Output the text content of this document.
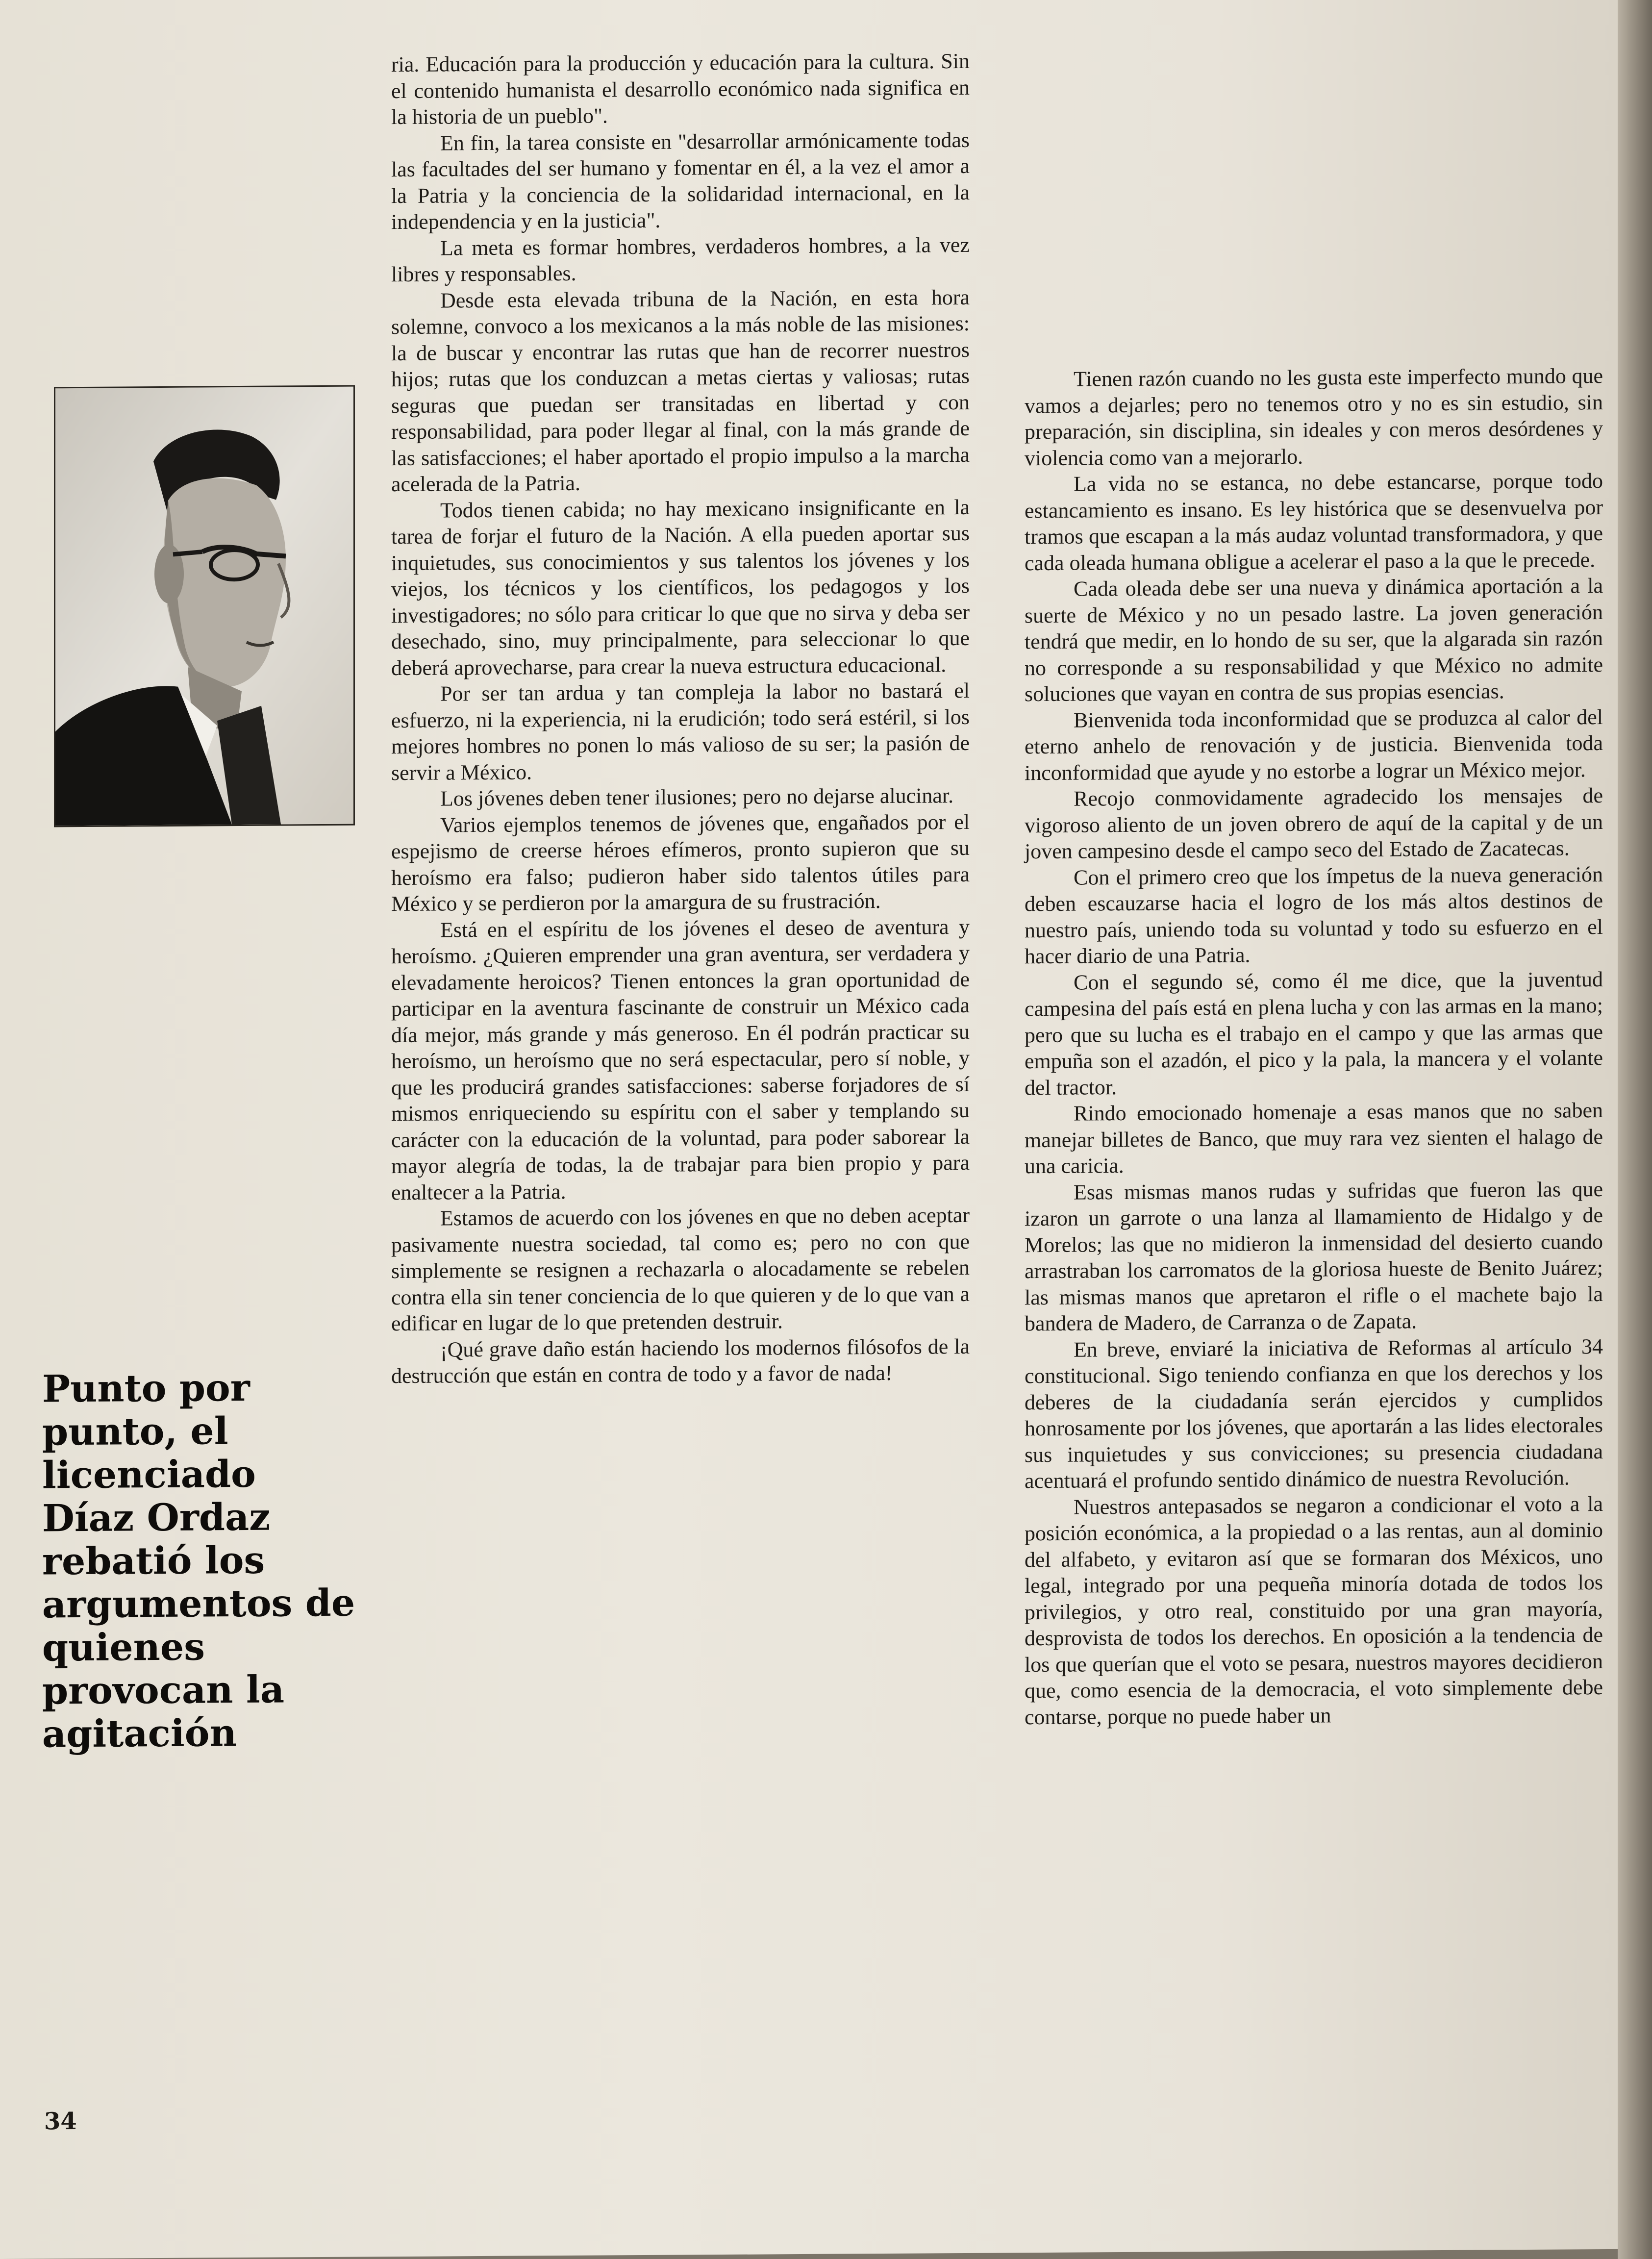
ria. Educación para la producción y educación para la cultura. Sin el contenido humanista el desarrollo económico nada significa en la historia de un pueblo".

En fin, la tarea consiste en "desarrollar armónicamente todas las facultades del ser humano y fomentar en él, a la vez el amor a la Patria y la conciencia de la solidaridad internacional, en la independencia y en la justicia".

La meta es formar hombres, verdaderos hombres, a la vez libres y responsables.

Desde esta elevada tribuna de la Nación, en esta hora solemne, convoco a los mexicanos a la más noble de las misiones: la de buscar y encontrar las rutas que han de recorrer nuestros hijos; rutas que los conduzcan a metas ciertas y valiosas; rutas seguras que puedan ser transitadas en libertad y con responsabilidad, para poder llegar al final, con la más grande de las satisfacciones; el haber aportado el propio impulso a la marcha acelerada de la Patria.

Todos tienen cabida; no hay mexicano insignificante en la tarea de forjar el futuro de la Nación. A ella pueden aportar sus inquietudes, sus conocimientos y sus talentos los jóvenes y los viejos, los técnicos y los científicos, los pedagogos y los investigadores; no sólo para criticar lo que que no sirva y deba ser desechado, sino, muy principalmente, para seleccionar lo que deberá aprovecharse, para crear la nueva estructura educacional.

Por ser tan ardua y tan compleja la labor no bastará el esfuerzo, ni la experiencia, ni la erudición; todo será estéril, si los mejores hombres no ponen lo más valioso de su ser; la pasión de servir a México.

Los jóvenes deben tener ilusiones; pero no dejarse alucinar.

Varios ejemplos tenemos de jóvenes que, engañados por el espejismo de creerse héroes efímeros, pronto supieron que su heroísmo era falso; pudieron haber sido talentos útiles para México y se perdieron por la amargura de su frustración.

Está en el espíritu de los jóvenes el deseo de aventura y heroísmo. ¿Quieren emprender una gran aventura, ser verdadera y elevadamente heroicos? Tienen entonces la gran oportunidad de participar en la aventura fascinante de construir un México cada día mejor, más grande y más generoso. En él podrán practicar su heroísmo, un heroísmo que no será espectacular, pero sí noble, y que les producirá grandes satisfacciones: saberse forjadores de sí mismos enriqueciendo su espíritu con el saber y templando su carácter con la educación de la voluntad, para poder saborear la mayor alegría de todas, la de trabajar para bien propio y para enaltecer a la Patria.

Estamos de acuerdo con los jóvenes en que no deben aceptar pasivamente nuestra sociedad, tal como es; pero no con que simplemente se resignen a rechazarla o alocadamente se rebelen contra ella sin tener conciencia de lo que quieren y de lo que van a edificar en lugar de lo que pretenden destruir.

¡Qué grave daño están haciendo los modernos filósofos de la destrucción que están en contra de todo y a favor de nada!

Tienen razón cuando no les gusta este imperfecto mundo que vamos a dejarles; pero no tenemos otro y no es sin estudio, sin preparación, sin disciplina, sin ideales y con meros desórdenes y violencia como van a mejorarlo.

La vida no se estanca, no debe estancarse, porque todo estancamiento es insano. Es ley histórica que se desenvuelva por tramos que escapan a la más audaz voluntad transformadora, y que cada oleada humana obligue a acelerar el paso a la que le precede.

Cada oleada debe ser una nueva y dinámica aportación a la suerte de México y no un pesado lastre. La joven generación tendrá que medir, en lo hondo de su ser, que la algarada sin razón no corresponde a su responsabilidad y que México no admite soluciones que vayan en contra de sus propias esencias.

Bienvenida toda inconformidad que se produzca al calor del eterno anhelo de renovación y de justicia. Bienvenida toda inconformidad que ayude y no estorbe a lograr un México mejor.

Recojo conmovidamente agradecido los mensajes de vigoroso aliento de un joven obrero de aquí de la capital y de un joven campesino desde el campo seco del Estado de Zacatecas.

Con el primero creo que los ímpetus de la nueva generación deben escauzarse hacia el logro de los más altos destinos de nuestro país, uniendo toda su voluntad y todo su esfuerzo en el hacer diario de una Patria.

Con el segundo sé, como él me dice, que la juventud campesina del país está en plena lucha y con las armas en la mano; pero que su lucha es el trabajo en el campo y que las armas que empuña son el azadón, el pico y la pala, la mancera y el volante del tractor.

Rindo emocionado homenaje a esas manos que no saben manejar billetes de Banco, que muy rara vez sienten el halago de una caricia.

Esas mismas manos rudas y sufridas que fueron las que izaron un garrote o una lanza al llamamiento de Hidalgo y de Morelos; las que no midieron la inmensidad del desierto cuando arrastraban los carromatos de la gloriosa hueste de Benito Juárez; las mismas manos que apretaron el rifle o el machete bajo la bandera de Madero, de Carranza o de Zapata.

En breve, enviaré la iniciativa de Reformas al artículo 34 constitucional. Sigo teniendo confianza en que los derechos y los deberes de la ciudadanía serán ejercidos y cumplidos honrosamente por los jóvenes, que aportarán a las lides electorales sus inquietudes y sus convicciones; su presencia ciudadana acentuará el profundo sentido dinámico de nuestra Revolución.

Nuestros antepasados se negaron a condicionar el voto a la posición económica, a la propiedad o a las rentas, aun al dominio del alfabeto, y evitaron así que se formaran dos Méxicos, uno legal, integrado por una pequeña minoría dotada de todos los privilegios, y otro real, constituido por una gran mayoría, desprovista de todos los derechos. En oposición a la tendencia de los que querían que el voto se pesara, nuestros mayores decidieron que, como esencia de la democracia, el voto simplemente debe contarse, porque no puede haber un

Punto por punto, el licenciado Díaz Ordaz rebatió los argumentos de quienes provocan la agitación
34
